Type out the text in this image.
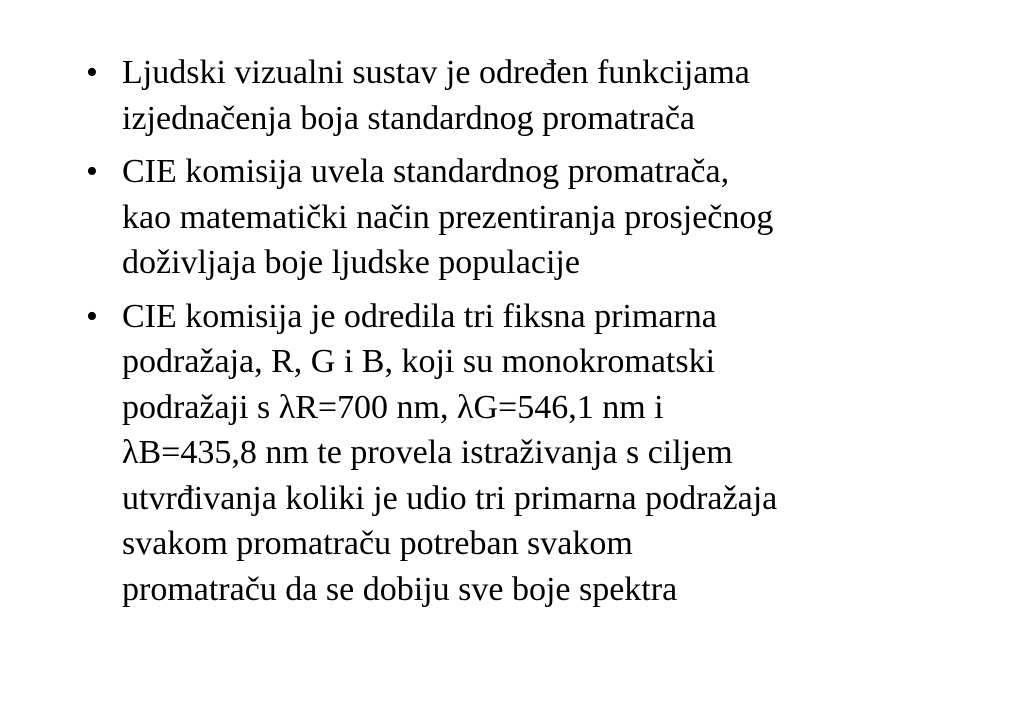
• Ljudski vizualni sustav je određen funkcijama
izjednačenja boja standardnog promatrača
• CIE komisija uvela standardnog promatrača,
kao matematički način prezentiranja prosječnog
doživljaja boje ljudske populacije
• CIE komisija je odredila tri fiksna primarna
podražaja, R, G i B, koji su monokromatski
podražaji s λR=700 nm, λG=546,1 nm i
λB=435,8 nm te provela istraživanja s ciljem
utvrđivanja koliki je udio tri primarna podražaja
svakom promatraču potreban svakom
promatraču da se dobiju sve boje spektra
